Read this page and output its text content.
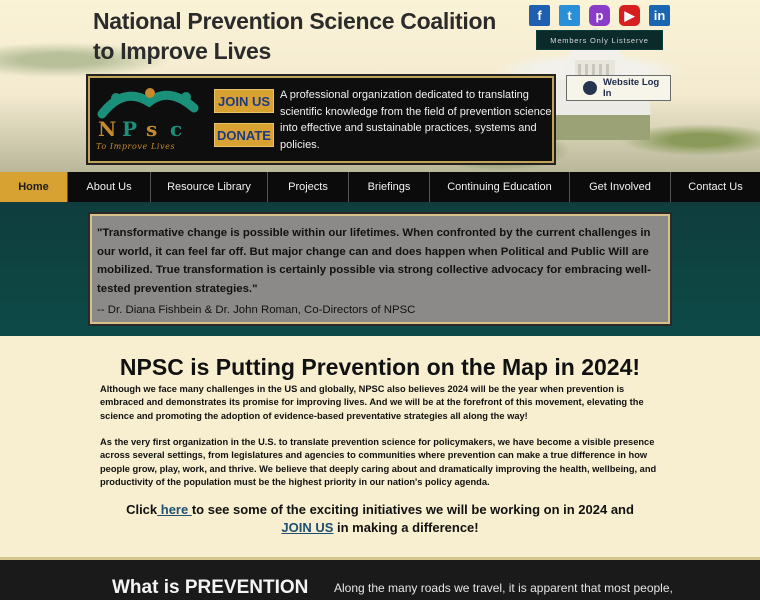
National Prevention Science Coalition
to Improve Lives
f	t	p	▶	in
Members Only Listserve
Website Log In
N P s c
To Improve Lives
JOIN US
DONATE
A professional organization dedicated to translating scientific knowledge from the field of prevention science into effective and sustainable practices, systems and policies.
Home	About Us	Resource Library	Projects	Briefings	Continuing Education	Get Involved	Contact Us
"Transformative change is possible within our lifetimes. When confronted by the current challenges in our world, it can feel far off. But major change can and does happen when Political and Public Will are mobilized. True transformation is certainly possible via strong collective advocacy for embracing well-tested prevention strategies."
-- Dr. Diana Fishbein & Dr. John Roman, Co-Directors of NPSC
NPSC is Putting Prevention on the Map in 2024!
Although we face many challenges in the US and globally, NPSC also believes 2024 will be the year when prevention is embraced and demonstrates its promise for improving lives. And we will be at the forefront of this movement, elevating the science and promoting the adoption of evidence-based preventative strategies all along the way!
As the very first organization in the U.S. to translate prevention science for policymakers, we have become a visible presence across several settings, from legislatures and agencies to communities where prevention can make a true difference in how people grow, play, work, and thrive. We believe that deeply caring about and dramatically improving the health, wellbeing, and productivity of the population must be the highest priority in our nation's policy agenda.
Click here to see some of the exciting initiatives we will be working on in 2024 and
JOIN US in making a difference!
What is PREVENTION Along the many roads we travel, it is apparent that most people,
